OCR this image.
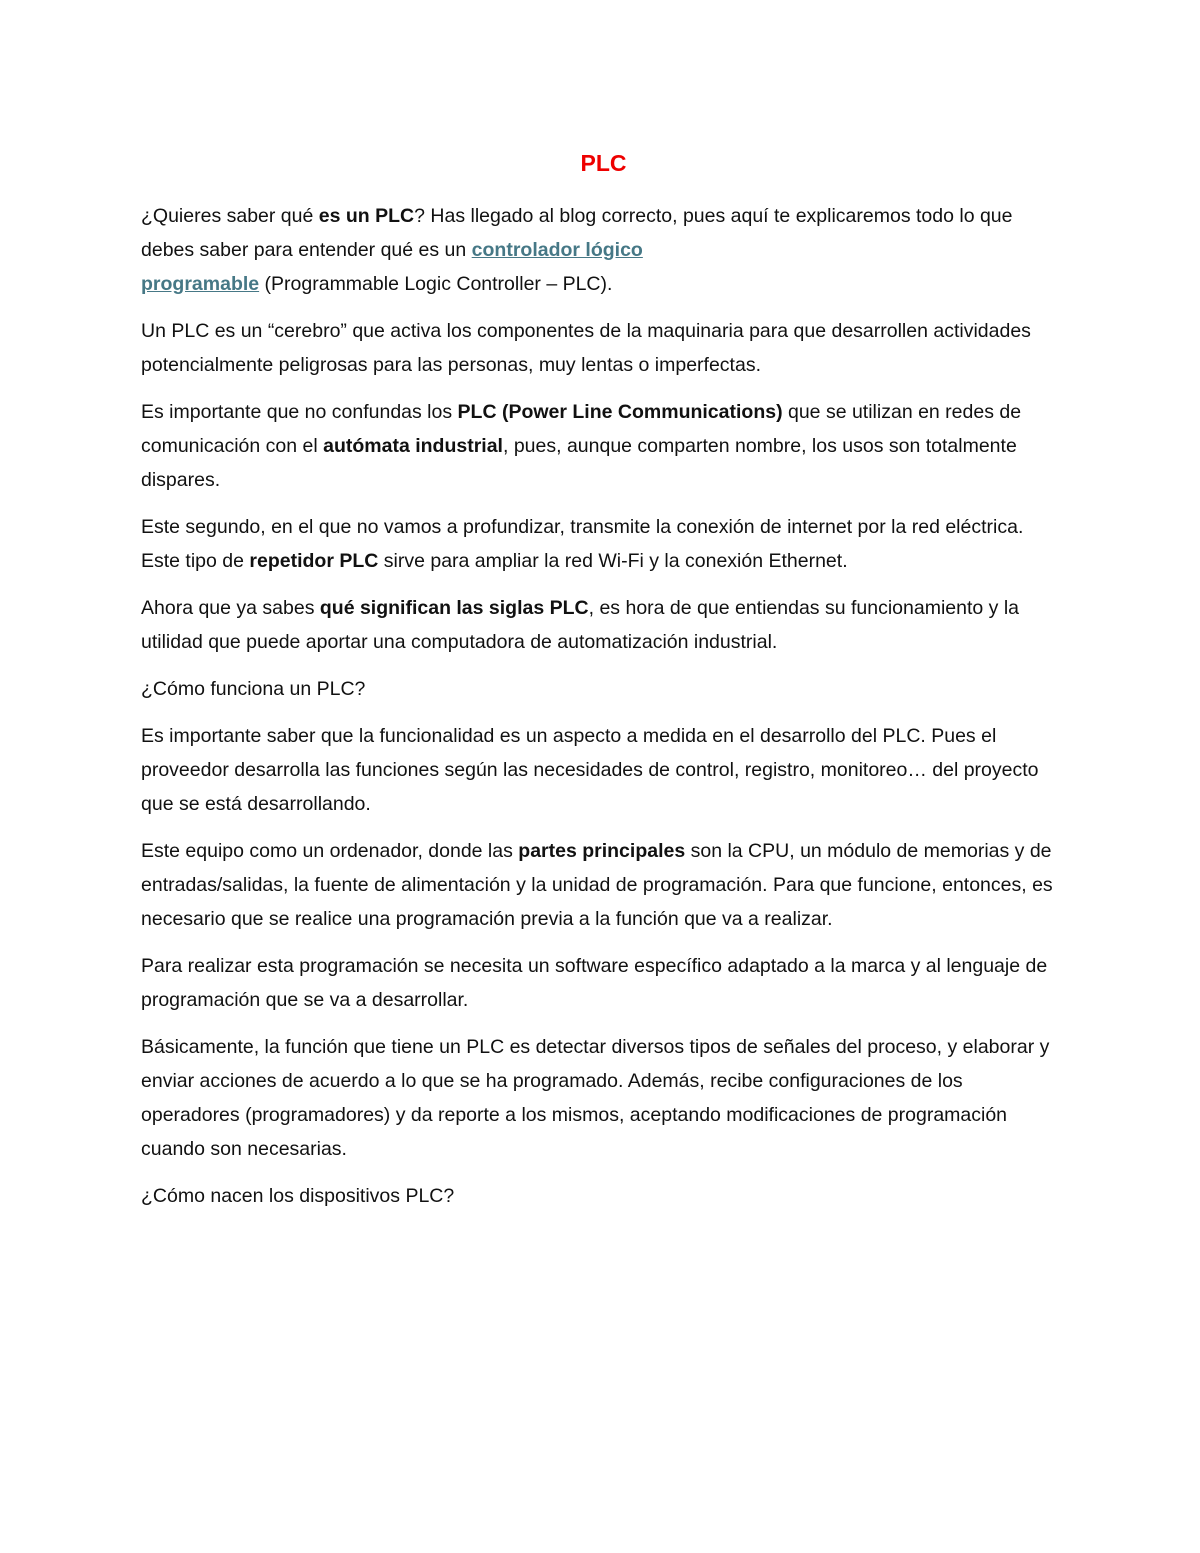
PLC

¿Quieres saber qué es un PLC? Has llegado al blog correcto, pues aquí te explicaremos todo lo que debes saber para entender qué es un controlador lógico
programable (Programmable Logic Controller – PLC).

Un PLC es un “cerebro” que activa los componentes de la maquinaria para que desarrollen actividades potencialmente peligrosas para las personas, muy lentas o imperfectas.

Es importante que no confundas los PLC (Power Line Communications) que se utilizan en redes de comunicación con el autómata industrial, pues, aunque comparten nombre, los usos son totalmente dispares.

Este segundo, en el que no vamos a profundizar, transmite la conexión de internet por la red eléctrica. Este tipo de repetidor PLC sirve para ampliar la red Wi-Fi y la conexión Ethernet.

Ahora que ya sabes qué significan las siglas PLC, es hora de que entiendas su funcionamiento y la utilidad que puede aportar una computadora de automatización industrial.

¿Cómo funciona un PLC?

Es importante saber que la funcionalidad es un aspecto a medida en el desarrollo del PLC. Pues el proveedor desarrolla las funciones según las necesidades de control, registro, monitoreo… del proyecto que se está desarrollando.

Este equipo como un ordenador, donde las partes principales son la CPU, un módulo de memorias y de entradas/salidas, la fuente de alimentación y la unidad de programación. Para que funcione, entonces, es necesario que se realice una programación previa a la función que va a realizar.

Para realizar esta programación se necesita un software específico adaptado a la marca y al lenguaje de programación que se va a desarrollar.

Básicamente, la función que tiene un PLC es detectar diversos tipos de señales del proceso, y elaborar y enviar acciones de acuerdo a lo que se ha programado. Además, recibe configuraciones de los operadores (programadores) y da reporte a los mismos, aceptando modificaciones de programación cuando son necesarias.

¿Cómo nacen los dispositivos PLC?
